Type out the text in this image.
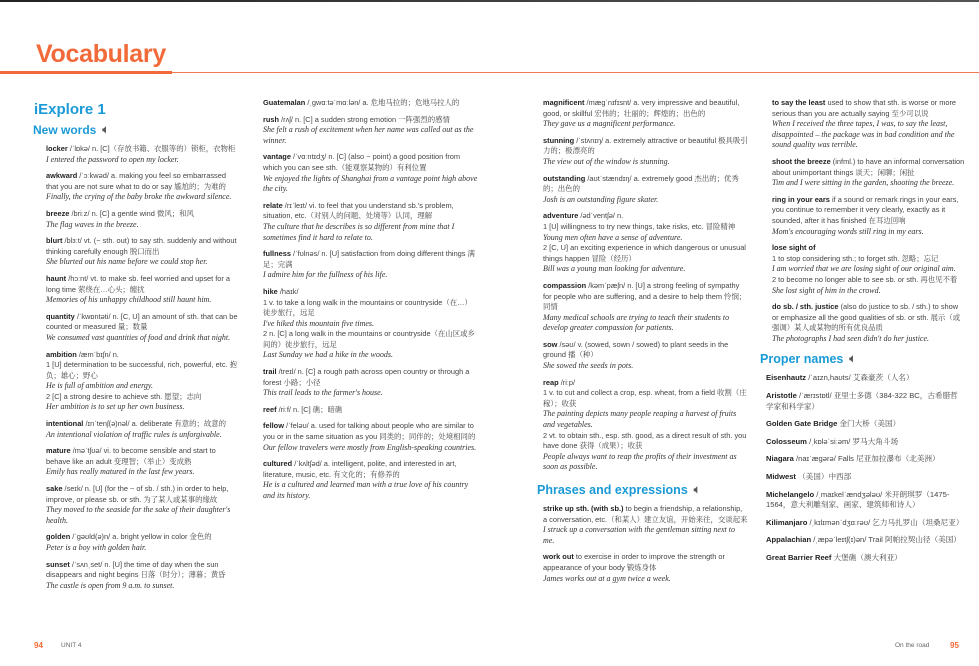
Vocabulary
iExplore 1
New words 🔈︎
locker /ˈlɒkə/ n. [C]（存放书籍、衣服等的）锁柜，衣物柜
I entered the password to open my locker.
awkward /ˈɔːkwəd/ a. making you feel so embarrassed that you are not sure what to do or say 尴尬的；为难的
Finally, the crying of the baby broke the awkward silence.
breeze /briːz/ n. [C] a gentle wind 微风；和风
The flag waves in the breeze.
blurt /blɜːt/ vt. (~ sth. out) to say sth. suddenly and without thinking carefully enough 脱口而出
She blurted out his name before we could stop her.
haunt /hɔːnt/ vt. to make sb. feel worried and upset for a long time 萦绕在…心头；缠扰
Memories of his unhappy childhood still haunt him.
quantity /ˈkwɒntəti/ n. [C, U] an amount of sth. that can be counted or measured 量；数量
We consumed vast quantities of food and drink that night.
ambition /æmˈbɪʃn/ n.
1 [U] determination to be successful, rich, powerful, etc. 抱负；雄心；野心
He is full of ambition and energy.
2 [C] a strong desire to achieve sth. 愿望；志向
Her ambition is to set up her own business.
intentional /ɪnˈtenʃ(ə)nəl/ a. deliberate 有意的；故意的
An intentional violation of traffic rules is unforgivable.
mature /məˈtʃʊə/ vi. to become sensible and start to behave like an adult 变理智；（举止）变成熟
Emily has really matured in the last few years.
sake /seɪk/ n. [U] (for the ~ of sb. / sth.) in order to help, improve, or please sb. or sth. 为了某人或某事的缘故
They moved to the seaside for the sake of their daughter's health.
golden /ˈɡəʊld(ə)n/ a. bright yellow in color 金色的
Peter is a boy with golden hair.
sunset /ˈsʌnˌset/ n. [U] the time of day when the sun disappears and night begins 日落（时分）；薄暮；黄昏
The castle is open from 9 a.m. to sunset.
Guatemalan /ˌɡwɑːtəˈmɑːlən/ a. 危地马拉的；危地马拉人的
rush /rʌʃ/ n. [C] a sudden strong emotion 一阵强烈的感情
She felt a rush of excitement when her name was called out as the winner.
vantage /ˈvɑːntɪdʒ/ n. [C] (also ~ point) a good position from which you can see sth.（能观察某物的）有利位置
We enjoyed the lights of Shanghai from a vantage point high above the city.
relate /rɪˈleɪt/ vi. to feel that you understand sb.'s problem, situation, etc.（对别人的问题、处境等）认同，理解
The culture that he describes is so different from mine that I sometimes find it hard to relate to.
fullness /ˈfʊlnəs/ n. [U] satisfaction from doing different things 满足；完满
I admire him for the fullness of his life.
hike /haɪk/
1 v. to take a long walk in the mountains or countryside（在…）徒步旅行，远足
I've hiked this mountain five times.
2 n. [C] a long walk in the mountains or countryside（在山区或乡间的）徒步旅行，远足
Last Sunday we had a hike in the woods.
trail /treɪl/ n. [C] a rough path across open country or through a forest 小路；小径
This trail leads to the farmer's house.
reef /riːf/ n. [C] 礁；暗礁
fellow /ˈfeləʊ/ a. used for talking about people who are similar to you or in the same situation as you 同类的；同伴的；处境相同的
Our fellow travelers were mostly from English-speaking countries.
cultured /ˈkʌltʃəd/ a. intelligent, polite, and interested in art, literature, music, etc. 有文化的；有修养的
He is a cultured and learned man with a true love of his country and its history.
magnificent /mæɡˈnɪfɪsnt/ a. very impressive and beautiful, good, or skillful 宏伟的；壮丽的；辉煌的；出色的
They gave us a magnificent performance.
stunning /ˈstʌnɪŋ/ a. extremely attractive or beautiful 极具吸引力的；极漂亮的
The view out of the window is stunning.
outstanding /aʊtˈstændɪŋ/ a. extremely good 杰出的；优秀的；出色的
Josh is an outstanding figure skater.
adventure /ədˈventʃə/ n.
1 [U] willingness to try new things, take risks, etc. 冒险精神
Young men often have a sense of adventure.
2 [C, U] an exciting experience in which dangerous or unusual things happen 冒险（经历）
Bill was a young man looking for adventure.
compassion /kəmˈpæʃn/ n. [U] a strong feeling of sympathy for people who are suffering, and a desire to help them 怜悯；同情
Many medical schools are trying to teach their students to develop greater compassion for patients.
sow /səʊ/ v. (sowed, sown / sowed) to plant seeds in the ground 播（种）
She sowed the seeds in pots.
reap /riːp/
1 v. to cut and collect a crop, esp. wheat, from a field 收割（庄稼）；收获
The painting depicts many people reaping a harvest of fruits and vegetables.
2 vt. to obtain sth., esp. sth. good, as a direct result of sth. you have done 获得（成果）；收获
People always want to reap the profits of their investment as soon as possible.
Phrases and expressions 🔈︎
strike up sth. (with sb.) to begin a friendship, a relationship, a conversation, etc.（和某人）建立友谊，开始来往，交谈起来
I struck up a conversation with the gentleman sitting next to me.
work out to exercise in order to improve the strength or appearance of your body 锻炼身体
James works out at a gym twice a week.
to say the least used to show that sth. is worse or more serious than you are actually saying 至少可以说
When I received the three tapes, I was, to say the least, disappointed – the package was in bad condition and the sound quality was terrible.
shoot the breeze (infml.) to have an informal conversation about unimportant things 谈天；闲聊；闲扯
Tim and I were sitting in the garden, shooting the breeze.
ring in your ears if a sound or remark rings in your ears, you continue to remember it very clearly, exactly as it sounded, after it has finished 在耳边回响
Mom's encouraging words still ring in my ears.
lose sight of
1 to stop considering sth.; to forget sth. 忽略；忘记
I am worried that we are losing sight of our original aim.
2 to become no longer able to see sb. or sth. 再也见不着
She lost sight of him in the crowd.
do sb. / sth. justice (also do justice to sb. / sth.) to show or emphasize all the good qualities of sb. or sth. 展示（或强调）某人或某物的所有优良品质
The photographs I had seen didn't do her justice.
Proper names 🔈︎
Eisenhautz /ˈaɪzn,haʊts/ 艾森豪茨（人名）
Aristotle /ˈærɪstɒtl/ 亚里士多德（384-322 BC，古希腊哲学家和科学家）
Golden Gate Bridge 金门大桥（美国）
Colosseum /ˌkɒləˈsiːəm/ 罗马大角斗场
Niagara /naɪˈæɡərə/ Falls 尼亚加拉瀑布（北美洲）
Midwest （美国）中西部
Michelangelo /ˌmaɪkelˈændʒələʊ/ 米开朗琪罗（1475-1564，意大利雕刻家、画家、建筑师和诗人）
Kilimanjaro /ˌkɪlɪmənˈdʒɑːrəʊ/ 乞力马扎罗山（坦桑尼亚）
Appalachian /ˌæpəˈleɪtʃ(ɪ)ən/ Trail 阿帕拉契山径（美国）
Great Barrier Reef 大堡礁（澳大利亚）
94	UNIT 4	On the road	95
